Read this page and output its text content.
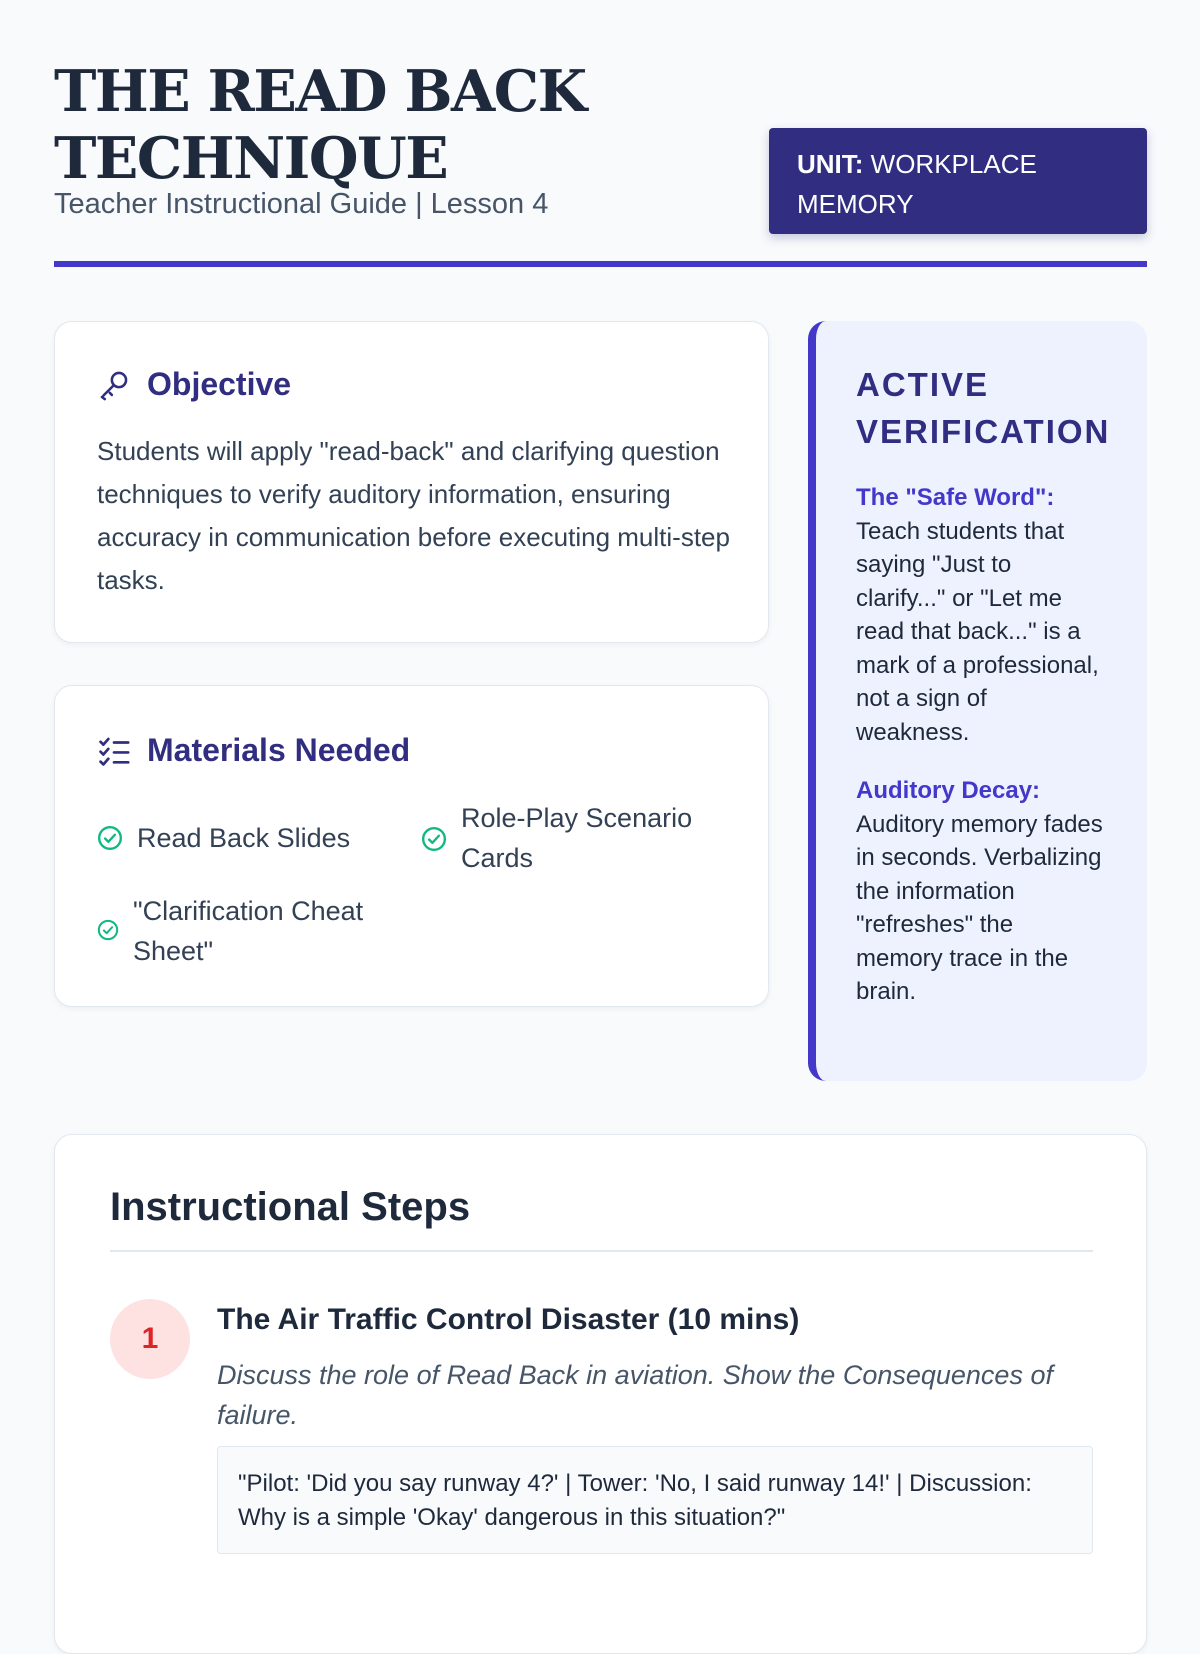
THE READ BACK TECHNIQUE
Teacher Instructional Guide | Lesson 4
UNIT: WORKPLACE MEMORY
Objective

Students will apply "read-back" and clarifying question techniques to verify auditory information, ensuring accuracy in communication before executing multi-step tasks.

Materials Needed
Read Back Slides
Role-Play Scenario Cards
"Clarification Cheat Sheet"
ACTIVE VERIFICATION
The "Safe Word":
Teach students that saying "Just to clarify..." or "Let me read that back..." is a mark of a professional, not a sign of weakness.
Auditory Decay:
Auditory memory fades in seconds. Verbalizing the information "refreshes" the memory trace in the brain.
Instructional Steps
1
The Air Traffic Control Disaster (10 mins)

Discuss the role of Read Back in aviation. Show the Consequences of failure.

"Pilot: 'Did you say runway 4?' | Tower: 'No, I said runway 14!' | Discussion: Why is a simple 'Okay' dangerous in this situation?"
